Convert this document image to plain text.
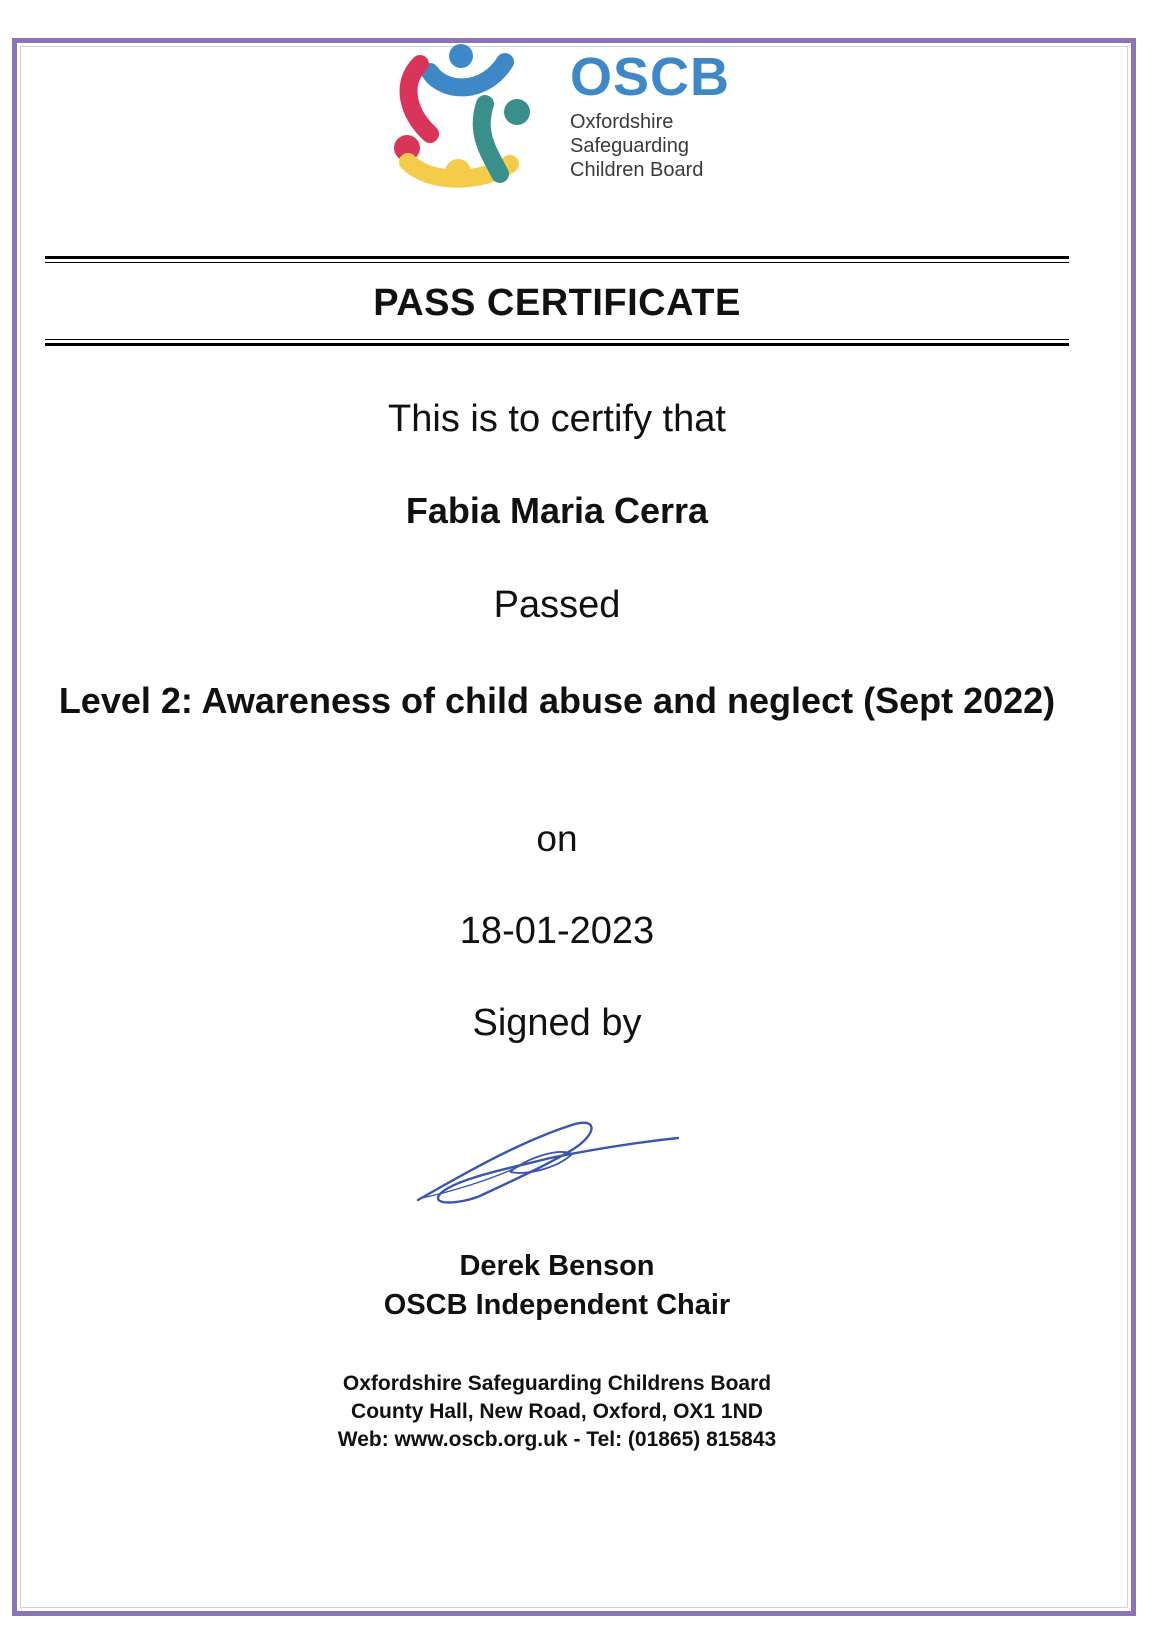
OSCB
Oxfordshire
Safeguarding
Children Board
PASS CERTIFICATE
This is to certify that
Fabia Maria Cerra
Passed
Level 2: Awareness of child abuse and neglect (Sept 2022)
on
18-01-2023
Signed by
Derek Benson
OSCB Independent Chair
Oxfordshire Safeguarding Childrens Board
County Hall, New Road, Oxford, OX1 1ND
Web: www.oscb.org.uk - Tel: (01865) 815843
